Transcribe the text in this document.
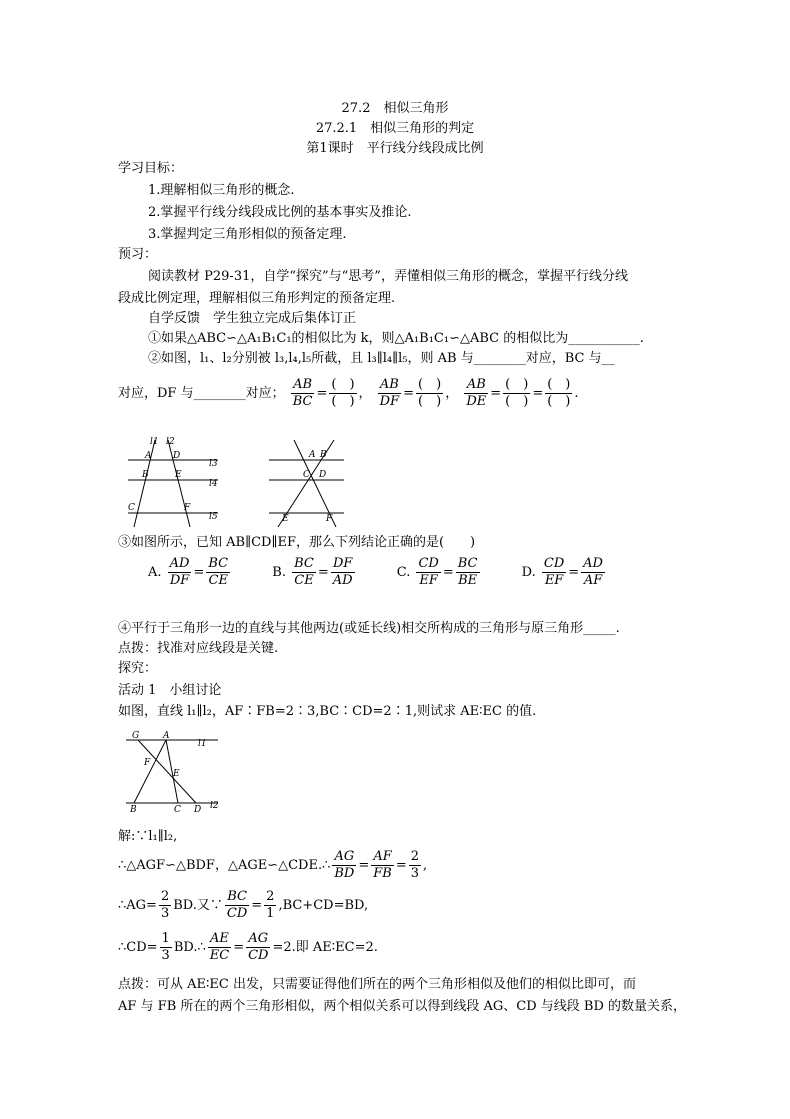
27.2　相似三角形
27.2.1　相似三角形的判定
第1课时　平行线分线段成比例
学习目标：
1.理解相似三角形的概念.
2.掌握平行线分线段成比例的基本事实及推论.
3.掌握判定三角形相似的预备定理.
预习：
阅读教材 P29-31，自学“探究”与“思考”，弄懂相似三角形的概念，掌握平行线分线
段成比例定理，理解相似三角形判定的预备定理.
自学反馈　学生独立完成后集体订正
①如果△ABC∽△A₁B₁C₁的相似比为 k，则△A₁B₁C₁∽△ABC 的相似比为___________.
②如图，l₁、l₂分别被 l₃,l₄,l₅所截，且 l₃∥l₄∥l₅，则 AB 与________对应，BC 与__
对应，DF 与________对应； $\frac{AB}{BC} = \frac{( )}{( )}$ ， $\frac{AB}{DF} = \frac{( )}{( )}$ ， $\frac{AB}{DE} = \frac{( )}{( )} = \frac{( )}{( )}$ .
l1 l2
A D
l3
B	E
l4
C	F
l5
A B
C D
E	F
③如图所示，已知 AB∥CD∥EF，那么下列结论正确的是(　　)
A. $\frac{AD}{DF} = \frac{BC}{CE}$	B. $\frac{BC}{CE} = \frac{DF}{AD}$	C. $\frac{CD}{EF} = \frac{BC}{BE}$	D. $\frac{CD}{EF} = \frac{AD}{AF}$
④平行于三角形一边的直线与其他两边(或延长线)相交所构成的三角形与原三角形_____.
点拨：找准对应线段是关键.
探究：
活动 1　小组讨论
如图，直线 l₁∥l₂，AF∶FB=2∶3,BC∶CD=2∶1,则试求 AE∶EC 的值.
G	A
l1
F
E
B	C D l2
解:∵l₁∥l₂,
∴△AGF∽△BDF，△AGE∽△CDE.∴ $\frac{AG}{BD} = \frac{AF}{FB} = \frac{2}{3}$ ,
∴AG= $\frac{2}{3}$ BD.又∵ $\frac{BC}{CD} = \frac{2}{1} ,BC+CD=BD$,
∴CD= $\frac{1}{3}$ BD.∴ $\frac{AE}{EC} = \frac{AG}{CD} =2$.即 AE∶EC=2.
点拨：可从 AE∶EC 出发，只需要证得他们所在的两个三角形相似及他们的相似比即可，而
AF 与 FB 所在的两个三角形相似，两个相似关系可以得到线段 AG、CD 与线段 BD 的数量关系，
